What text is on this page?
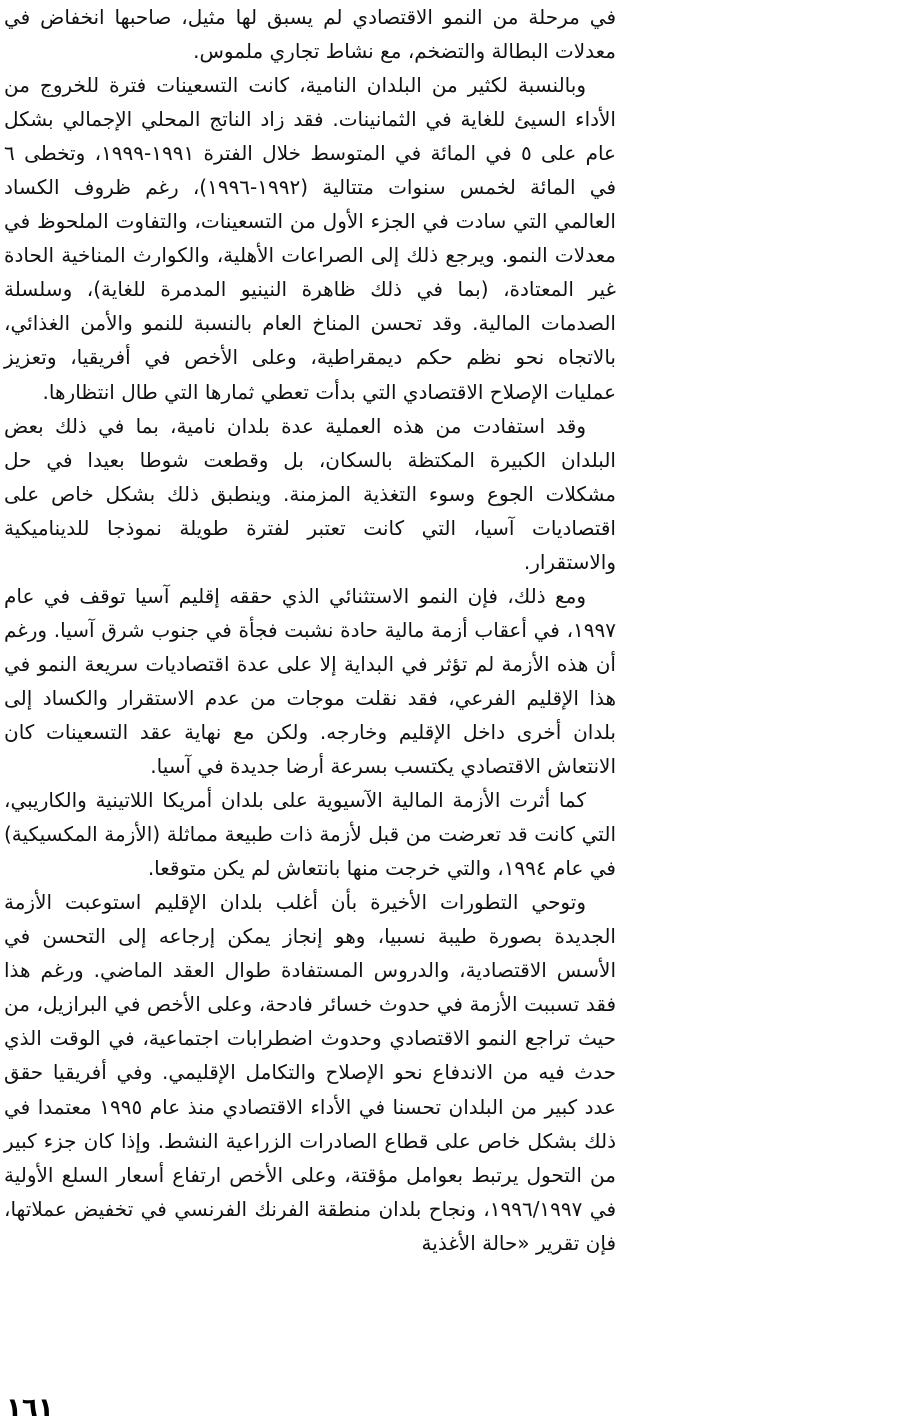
في مرحلة من النمو الاقتصادي لم يسبق لها مثيل، صاحبها انخفاض في معدلات البطالة والتضخم، مع نشاط تجاري ملموس.

وبالنسبة لكثير من البلدان النامية، كانت التسعينات فترة للخروج من الأداء السيئ للغاية في الثمانينات. فقد زاد الناتج المحلي الإجمالي بشكل عام على ٥ في المائة في المتوسط خلال الفترة ١٩٩١-١٩٩٩، وتخطى ٦ في المائة لخمس سنوات متتالية (١٩٩٢-١٩٩٦)، رغم ظروف الكساد العالمي التي سادت في الجزء الأول من التسعينات، والتفاوت الملحوظ في معدلات النمو. ويرجع ذلك إلى الصراعات الأهلية، والكوارث المناخية الحادة غير المعتادة، (بما في ذلك ظاهرة النينيو المدمرة للغاية)، وسلسلة الصدمات المالية. وقد تحسن المناخ العام بالنسبة للنمو والأمن الغذائي، بالاتجاه نحو نظم حكم ديمقراطية، وعلى الأخص في أفريقيا، وتعزيز عمليات الإصلاح الاقتصادي التي بدأت تعطي ثمارها التي طال انتظارها.

وقد استفادت من هذه العملية عدة بلدان نامية، بما في ذلك بعض البلدان الكبيرة المكتظة بالسكان، بل وقطعت شوطا بعيدا في حل مشكلات الجوع وسوء التغذية المزمنة. وينطبق ذلك بشكل خاص على اقتصاديات آسيا، التي كانت تعتبر لفترة طويلة نموذجا للديناميكية والاستقرار.

ومع ذلك، فإن النمو الاستثنائي الذي حققه إقليم آسيا توقف في عام ١٩٩٧، في أعقاب أزمة مالية حادة نشبت فجأة في جنوب شرق آسيا. ورغم أن هذه الأزمة لم تؤثر في البداية إلا على عدة اقتصاديات سريعة النمو في هذا الإقليم الفرعي، فقد نقلت موجات من عدم الاستقرار والكساد إلى بلدان أخرى داخل الإقليم وخارجه. ولكن مع نهاية عقد التسعينات كان الانتعاش الاقتصادي يكتسب بسرعة أرضا جديدة في آسيا.

كما أثرت الأزمة المالية الآسيوية على بلدان أمريكا اللاتينية والكاريبي، التي كانت قد تعرضت من قبل لأزمة ذات طبيعة مماثلة (الأزمة المكسيكية) في عام ١٩٩٤، والتي خرجت منها بانتعاش لم يكن متوقعا.

وتوحي التطورات الأخيرة بأن أغلب بلدان الإقليم استوعبت الأزمة الجديدة بصورة طيبة نسبيا، وهو إنجاز يمكن إرجاعه إلى التحسن في الأسس الاقتصادية، والدروس المستفادة طوال العقد الماضي. ورغم هذا فقد تسببت الأزمة في حدوث خسائر فادحة، وعلى الأخص في البرازيل، من حيث تراجع النمو الاقتصادي وحدوث اضطرابات اجتماعية، في الوقت الذي حدث فيه من الاندفاع نحو الإصلاح والتكامل الإقليمي. وفي أفريقيا حقق عدد كبير من البلدان تحسنا في الأداء الاقتصادي منذ عام ١٩٩٥ معتمدا في ذلك بشكل خاص على قطاع الصادرات الزراعية النشط. وإذا كان جزء كبير من التحول يرتبط بعوامل مؤقتة، وعلى الأخص ارتفاع أسعار السلع الأولية في ١٩٩٦/١٩٩٧، ونجاح بلدان منطقة الفرنك الفرنسي في تخفيض عملاتها، فإن تقرير «حالة الأغذية

١٦١
